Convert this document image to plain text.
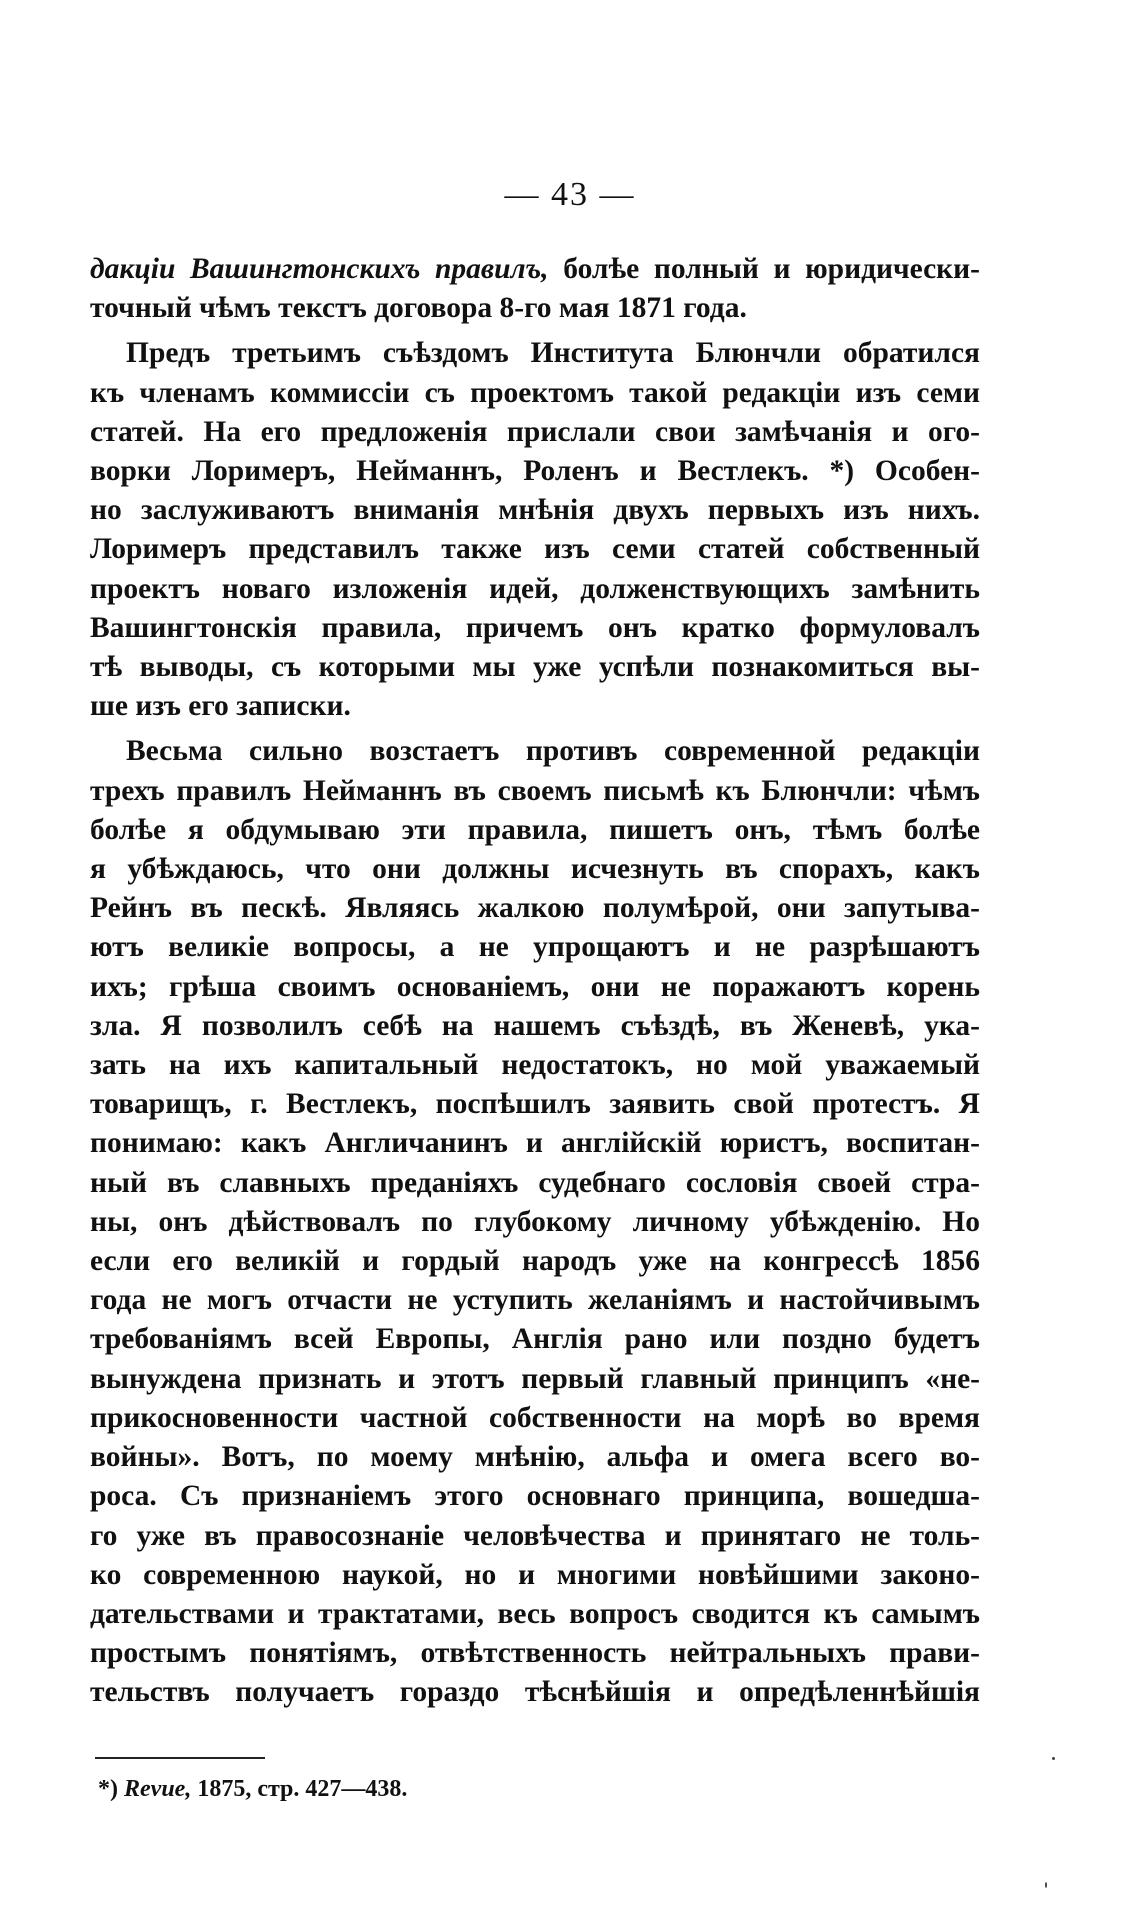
— 43 —
дакціи Вашингтонскихъ правилъ, болѣе полный и юридически-
точный чѣмъ текстъ договора 8-го мая 1871 года.
Предъ третьимъ съѣздомъ Института Блюнчли обратился
къ членамъ коммиссіи съ проектомъ такой редакціи изъ семи
статей. На его предложенія прислали свои замѣчанія и ого-
ворки Лоримеръ, Нейманнъ, Роленъ и Вестлекъ. *) Особен-
но заслуживаютъ вниманія мнѣнія двухъ первыхъ изъ нихъ.
Лоримеръ представилъ также изъ семи статей собственный
проектъ новаго изложенія идей, долженствующихъ замѣнить
Вашингтонскія правила, причемъ онъ кратко формуловалъ
тѣ выводы, съ которыми мы уже успѣли познакомиться вы-
ше изъ его записки.
Весьма сильно возстаетъ противъ современной редакціи
трехъ правилъ Нейманнъ въ своемъ письмѣ къ Блюнчли: чѣмъ
болѣе я обдумываю эти правила, пишетъ онъ, тѣмъ болѣе
я убѣждаюсь, что они должны исчезнуть въ спорахъ, какъ
Рейнъ въ пескѣ. Являясь жалкою полумѣрой, они запутыва-
ютъ великіе вопросы, а не упрощаютъ и не разрѣшаютъ
ихъ; грѣша своимъ основаніемъ, они не поражаютъ корень
зла. Я позволилъ себѣ на нашемъ съѣздѣ, въ Женевѣ, ука-
зать на ихъ капитальный недостатокъ, но мой уважаемый
товарищъ, г. Вестлекъ, поспѣшилъ заявить свой протестъ. Я
понимаю: какъ Англичанинъ и англійскій юристъ, воспитан-
ный въ славныхъ преданіяхъ судебнаго сословія своей стра-
ны, онъ дѣйствовалъ по глубокому личному убѣжденію. Но
если его великій и гордый народъ уже на конгрессѣ 1856
года не могъ отчасти не уступить желаніямъ и настойчивымъ
требованіямъ всей Европы, Англія рано или поздно будетъ
вынуждена признать и этотъ первый главный принципъ «не-
прикосновенности частной собственности на морѣ во время
войны». Вотъ, по моему мнѣнію, альфа и омега всего во-
роса. Съ признаніемъ этого основнаго принципа, вошедша-
го уже въ правосознаніе человѣчества и принятаго не толь-
ко современною наукой, но и многими новѣйшими законо-
дательствами и трактатами, весь вопросъ сводится къ самымъ
простымъ понятіямъ, отвѣтственность нейтральныхъ прави-
тельствъ получаетъ гораздо тѣснѣйшія и опредѣленнѣйшія
*) Revue, 1875, стр. 427—438.
